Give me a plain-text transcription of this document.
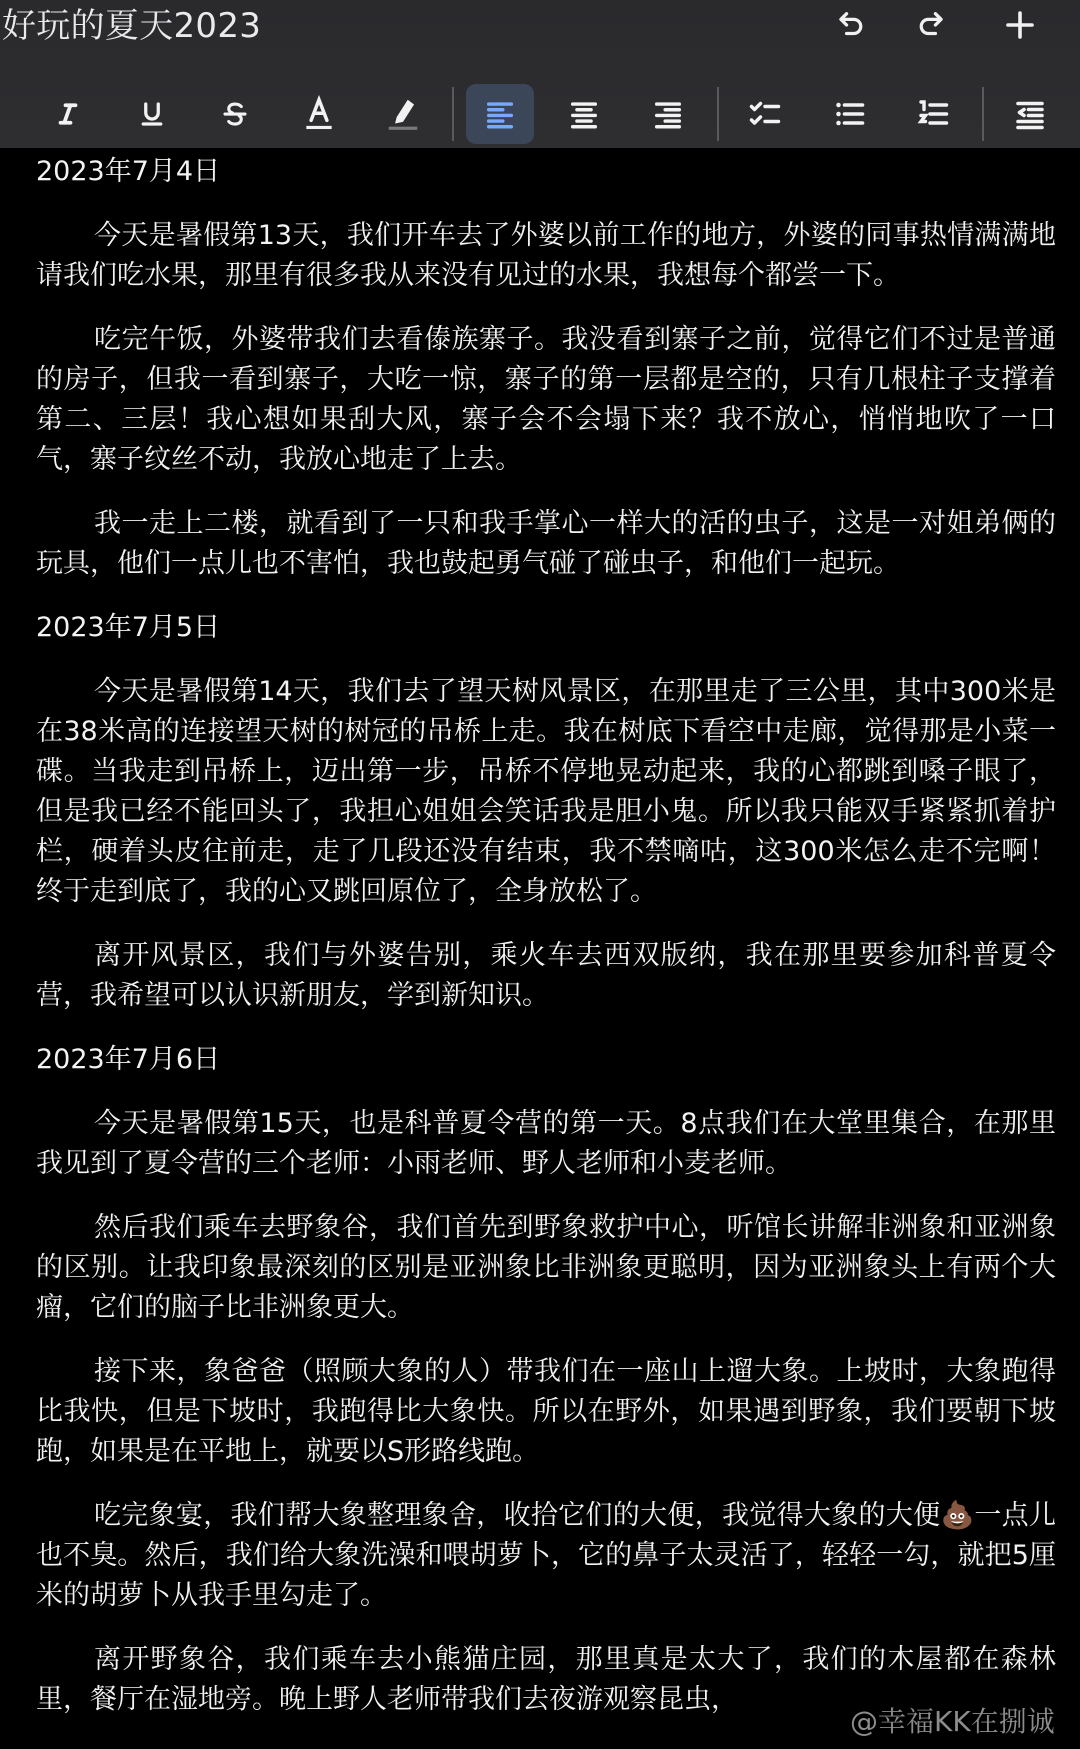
好玩的夏天2023
2023年7月4日
今天是暑假第13天，我们开车去了外婆以前工作的地方，外婆的同事热情满满地请我们吃水果，那里有很多我从来没有见过的水果，我想每个都尝一下。
吃完午饭，外婆带我们去看傣族寨子。我没看到寨子之前，觉得它们不过是普通的房子，但我一看到寨子，大吃一惊，寨子的第一层都是空的，只有几根柱子支撑着第二、三层！我心想如果刮大风，寨子会不会塌下来？我不放心，悄悄地吹了一口气，寨子纹丝不动，我放心地走了上去。
我一走上二楼，就看到了一只和我手掌心一样大的活的虫子，这是一对姐弟俩的玩具，他们一点儿也不害怕，我也鼓起勇气碰了碰虫子，和他们一起玩。
2023年7月5日
今天是暑假第14天，我们去了望天树风景区，在那里走了三公里，其中300米是在38米高的连接望天树的树冠的吊桥上走。我在树底下看空中走廊，觉得那是小菜一碟。当我走到吊桥上，迈出第一步，吊桥不停地晃动起来，我的心都跳到嗓子眼了，但是我已经不能回头了，我担心姐姐会笑话我是胆小鬼。所以我只能双手紧紧抓着护栏，硬着头皮往前走，走了几段还没有结束，我不禁嘀咕，这300米怎么走不完啊！终于走到底了，我的心又跳回原位了，全身放松了。
离开风景区，我们与外婆告别，乘火车去西双版纳，我在那里要参加科普夏令营，我希望可以认识新朋友，学到新知识。
2023年7月6日
今天是暑假第15天，也是科普夏令营的第一天。8点我们在大堂里集合，在那里我见到了夏令营的三个老师：小雨老师、野人老师和小麦老师。
然后我们乘车去野象谷，我们首先到野象救护中心，听馆长讲解非洲象和亚洲象的区别。让我印象最深刻的区别是亚洲象比非洲象更聪明，因为亚洲象头上有两个大瘤，它们的脑子比非洲象更大。
接下来，象爸爸（照顾大象的人）带我们在一座山上遛大象。上坡时，大象跑得比我快，但是下坡时，我跑得比大象快。所以在野外，如果遇到野象，我们要朝下坡跑，如果是在平地上，就要以S形路线跑。
吃完象宴，我们帮大象整理象舍，收拾它们的大便，我觉得大象的大便💩一点儿也不臭。然后，我们给大象洗澡和喂胡萝卜，它的鼻子太灵活了，轻轻一勾，就把5厘米的胡萝卜从我手里勾走了。
离开野象谷，我们乘车去小熊猫庄园，那里真是太大了，我们的木屋都在森林里，餐厅在湿地旁。晚上野人老师带我们去夜游观察昆虫，
@幸福KK在捌诚
